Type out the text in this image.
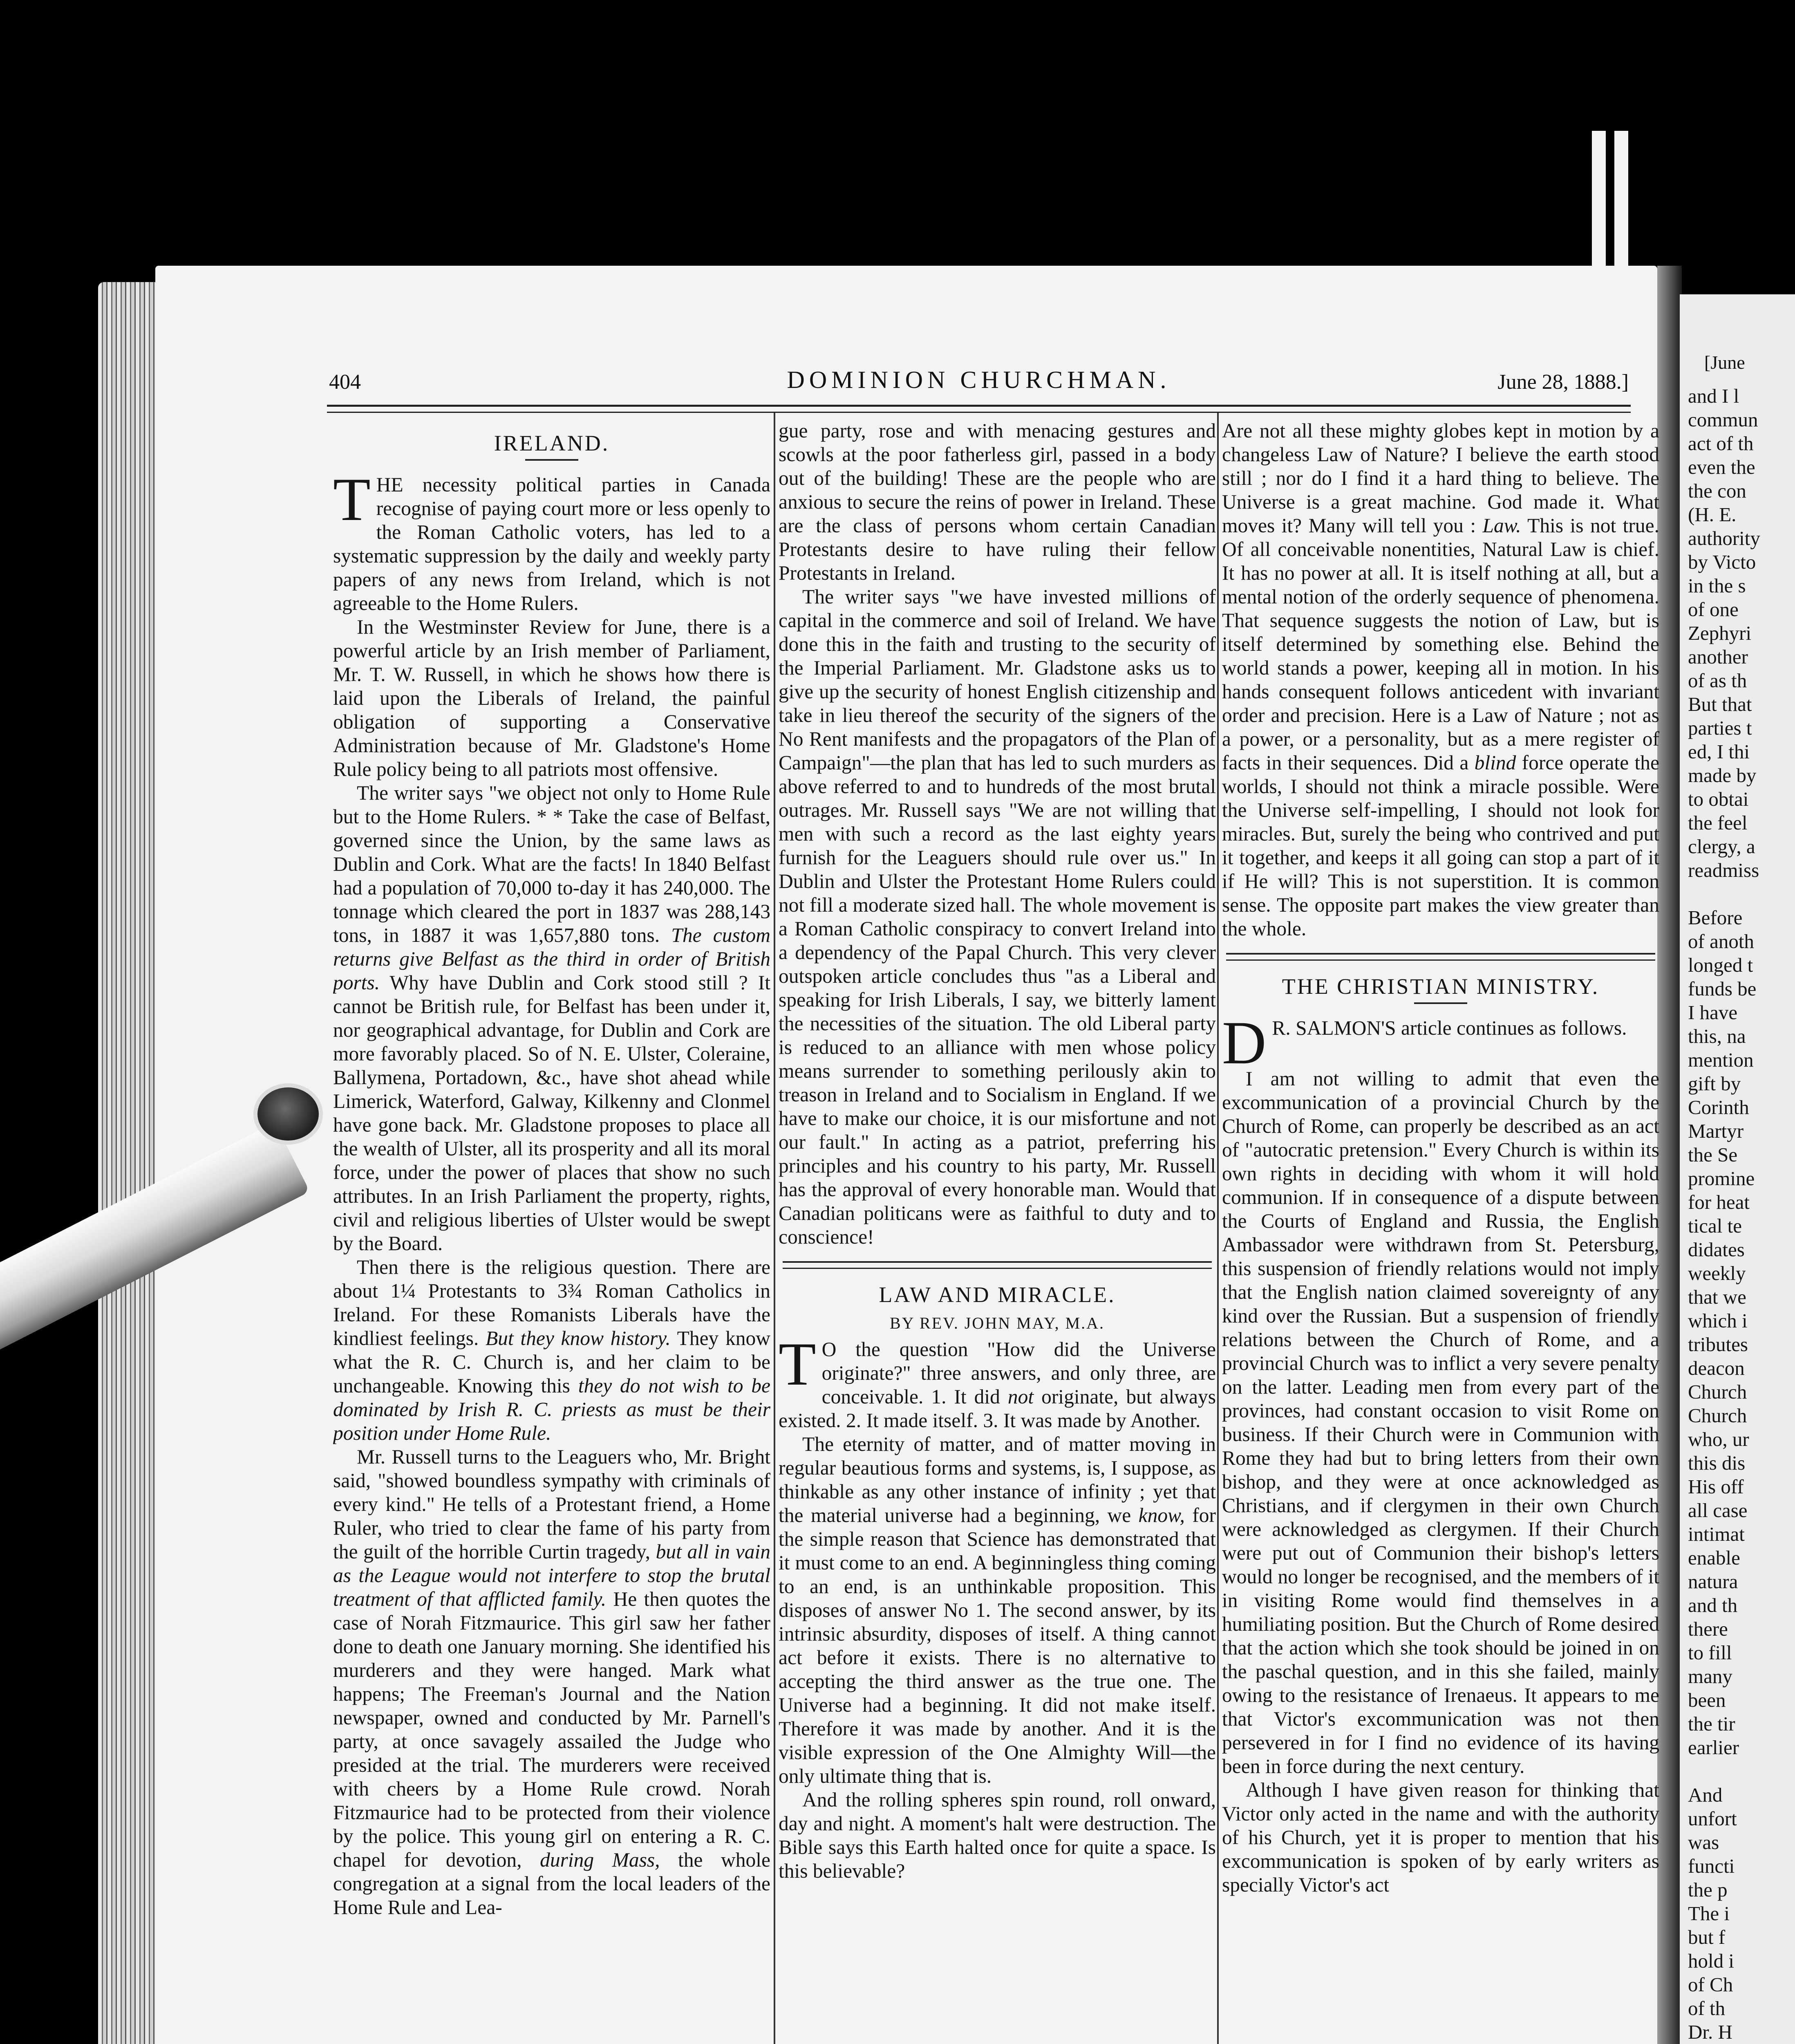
[June
and I l
commun
act of th
even the
the con
(H. E.
authority
by Victo
in the s
of one
Zephyri
another
of as th
But that
parties t
ed, I thi
made by
to obtai
the feel
clergy, a
readmiss

Before
of anoth
longed t
funds be
I have
this, na
mention
gift by
Corinth
Martyr
the Se
promine
for heat
tical te
didates
weekly
that we
which i
tributes
deacon
Church
Church
who, ur
this dis
His off
all case
intimat
enable
natura
and th
there
to fill
many
been
the tir
earlier

And
unfort
was
functi
the p
The i
but f
hold i
of Ch
of th
Dr. H
404	DOMINION CHURCHMAN.	June 28, 1888.]
IRELAND.

THE necessity political parties in Canada recognise of paying court more or less openly to the Roman Catholic voters, has led to a systematic suppression by the daily and weekly party papers of any news from Ireland, which is not agreeable to the Home Rulers.

In the Westminster Review for June, there is a powerful article by an Irish member of Parliament, Mr. T. W. Russell, in which he shows how there is laid upon the Liberals of Ireland, the painful obligation of supporting a Conservative Administration because of Mr. Gladstone's Home Rule policy being to all patriots most offensive.

The writer says "we object not only to Home Rule but to the Home Rulers. * * Take the case of Belfast, governed since the Union, by the same laws as Dublin and Cork. What are the facts! In 1840 Belfast had a population of 70,000 to-day it has 240,000. The tonnage which cleared the port in 1837 was 288,143 tons, in 1887 it was 1,657,880 tons. The custom returns give Belfast as the third in order of British ports. Why have Dublin and Cork stood still ? It cannot be British rule, for Belfast has been under it, nor geographical advantage, for Dublin and Cork are more favorably placed. So of N. E. Ulster, Coleraine, Ballymena, Portadown, &c., have shot ahead while Limerick, Waterford, Galway, Kilkenny and Clonmel have gone back. Mr. Gladstone proposes to place all the wealth of Ulster, all its prosperity and all its moral force, under the power of places that show no such attributes. In an Irish Parliament the property, rights, civil and religious liberties of Ulster would be swept by the Board.

Then there is the religious question. There are about 1¼ Protestants to 3¾ Roman Catholics in Ireland. For these Romanists Liberals have the kindliest feelings. But they know history. They know what the R. C. Church is, and her claim to be unchangeable. Knowing this they do not wish to be dominated by Irish R. C. priests as must be their position under Home Rule.

Mr. Russell turns to the Leaguers who, Mr. Bright said, "showed boundless sympathy with criminals of every kind." He tells of a Protestant friend, a Home Ruler, who tried to clear the fame of his party from the guilt of the horrible Curtin tragedy, but all in vain as the League would not interfere to stop the brutal treatment of that afflicted family. He then quotes the case of Norah Fitzmaurice. This girl saw her father done to death one January morning. She identified his murderers and they were hanged. Mark what happens; The Freeman's Journal and the Nation newspaper, owned and conducted by Mr. Parnell's party, at once savagely assailed the Judge who presided at the trial. The murderers were received with cheers by a Home Rule crowd. Norah Fitzmaurice had to be protected from their violence by the police. This young girl on entering a R. C. chapel for devotion, during Mass, the whole congregation at a signal from the local leaders of the Home Rule and Lea-

gue party, rose and with menacing gestures and scowls at the poor fatherless girl, passed in a body out of the building! These are the people who are anxious to secure the reins of power in Ireland. These are the class of persons whom certain Canadian Protestants desire to have ruling their fellow Protestants in Ireland.

The writer says "we have invested millions of capital in the commerce and soil of Ireland. We have done this in the faith and trusting to the security of the Imperial Parliament. Mr. Gladstone asks us to give up the security of honest English citizenship and take in lieu thereof the security of the signers of the No Rent manifests and the propagators of the Plan of Campaign"—the plan that has led to such murders as above referred to and to hundreds of the most brutal outrages. Mr. Russell says "We are not willing that men with such a record as the last eighty years furnish for the Leaguers should rule over us." In Dublin and Ulster the Protestant Home Rulers could not fill a moderate sized hall. The whole movement is a Roman Catholic conspiracy to convert Ireland into a dependency of the Papal Church. This very clever outspoken article concludes thus "as a Liberal and speaking for Irish Liberals, I say, we bitterly lament the necessities of the situation. The old Liberal party is reduced to an alliance with men whose policy means surrender to something perilously akin to treason in Ireland and to Socialism in England. If we have to make our choice, it is our misfortune and not our fault." In acting as a patriot, preferring his principles and his country to his party, Mr. Russell has the approval of every honorable man. Would that Canadian politicans were as faithful to duty and to conscience!

LAW AND MIRACLE.
BY REV. JOHN MAY, M.A.

T O the question "How did the Universe originate?" three answers, and only three, are conceivable. 1. It did not originate, but always existed. 2. It made itself. 3. It was made by Another.

The eternity of matter, and of matter moving in regular beautious forms and systems, is, I suppose, as thinkable as any other instance of infinity ; yet that the material universe had a beginning, we know, for the simple reason that Science has demonstrated that it must come to an end. A beginningless thing coming to an end, is an unthinkable proposition. This disposes of answer No 1. The second answer, by its intrinsic absurdity, disposes of itself. A thing cannot act before it exists. There is no alternative to accepting the third answer as the true one. The Universe had a beginning. It did not make itself. Therefore it was made by another. And it is the visible expression of the One Almighty Will—the only ultimate thing that is.

And the rolling spheres spin round, roll onward, day and night. A moment's halt were destruction. The Bible says this Earth halted once for quite a space. Is this believable?

Are not all these mighty globes kept in motion by a changeless Law of Nature? I believe the earth stood still ; nor do I find it a hard thing to believe. The Universe is a great machine. God made it. What moves it? Many will tell you : Law. This is not true. Of all conceivable nonentities, Natural Law is chief. It has no power at all. It is itself nothing at all, but a mental notion of the orderly sequence of phenomena. That sequence suggests the notion of Law, but is itself determined by something else. Behind the world stands a power, keeping all in motion. In his hands consequent follows anticedent with invariant order and precision. Here is a Law of Nature ; not as a power, or a personality, but as a mere register of facts in their sequences. Did a blind force operate the worlds, I should not think a miracle possible. Were the Universe self-impelling, I should not look for miracles. But, surely the being who contrived and put it together, and keeps it all going can stop a part of it if He will? This is not superstition. It is common sense. The opposite part makes the view greater than the whole.

THE CHRISTIAN MINISTRY.

D R. SALMON'S article continues as follows.

I am not willing to admit that even the excommunication of a provincial Church by the Church of Rome, can properly be described as an act of "autocratic pretension." Every Church is within its own rights in deciding with whom it will hold communion. If in consequence of a dispute between the Courts of England and Russia, the English Ambassador were withdrawn from St. Petersburg, this suspension of friendly relations would not imply that the English nation claimed sovereignty of any kind over the Russian. But a suspension of friendly relations between the Church of Rome, and a provincial Church was to inflict a very severe penalty on the latter. Leading men from every part of the provinces, had constant occasion to visit Rome on business. If their Church were in Communion with Rome they had but to bring letters from their own bishop, and they were at once acknowledged as Christians, and if clergymen in their own Church were acknowledged as clergymen. If their Church were put out of Communion their bishop's letters would no longer be recognised, and the members of it in visiting Rome would find themselves in a humiliating position. But the Church of Rome desired that the action which she took should be joined in on the paschal question, and in this she failed, mainly owing to the resistance of Irenaeus. It appears to me that Victor's excommunication was not then persevered in for I find no evidence of its having been in force during the next century.

Although I have given reason for thinking that Victor only acted in the name and with the authority of his Church, yet it is proper to mention that his excommunication is spoken of by early writers as specially Victor's act
